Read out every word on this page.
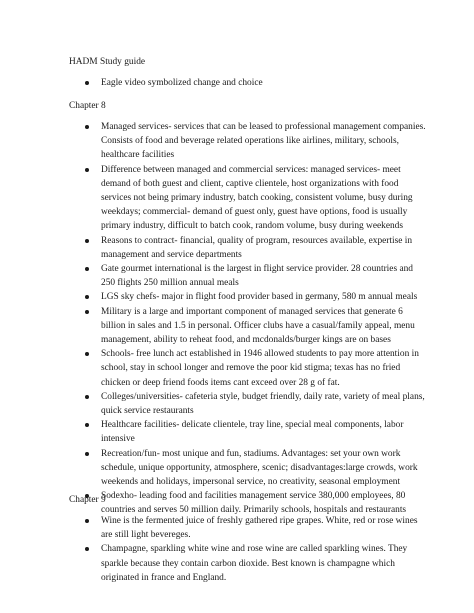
HADM Study guide
Eagle video symbolized change and choice
Chapter 8
Managed services- services that can be leased to professional management companies. Consists of food and beverage related operations like airlines, military, schools, healthcare facilities
Difference between managed and commercial services: managed services- meet demand of both guest and client, captive clientele, host organizations with food services not being primary industry, batch cooking, consistent volume, busy during weekdays; commercial- demand of guest only, guest have options, food is usually primary industry, difficult to batch cook, random volume, busy during weekends
Reasons to contract- financial, quality of program, resources available, expertise in management and service departments
Gate gourmet international is the largest in flight service provider. 28 countries and 250 flights 250 million annual meals
LGS sky chefs- major in flight food provider based in germany, 580 m annual meals
Military is a large and important component of managed services that generate 6 billion in sales and 1.5 in personal. Officer clubs have a casual/family appeal, menu management, ability to reheat food, and mcdonalds/burger kings are on bases
Schools- free lunch act established in 1946 allowed students to pay more attention in school, stay in school longer and remove the poor kid stigma; texas has no fried chicken or deep friend foods items cant exceed over 28 g of fat.
Colleges/universities- cafeteria style, budget friendly, daily rate, variety of meal plans, quick service restaurants
Healthcare facilities- delicate clientele, tray line, special meal components, labor intensive
Recreation/fun- most unique and fun, stadiums. Advantages: set your own work schedule, unique opportunity, atmosphere, scenic; disadvantages:large crowds, work weekends and holidays, impersonal service, no creativity, seasonal employment
Sodexho- leading food and facilities management service 380,000 employees, 80 countries and serves 50 million daily. Primarily schools, hospitals and restaurants
Chapter 9
Wine is the fermented juice of freshly gathered ripe grapes. White, red or rose wines are still light bevereges.
Champagne, sparkling white wine and rose wine are called sparkling wines. They sparkle because they contain carbon dioxide. Best known is champagne which originated in france and England.
